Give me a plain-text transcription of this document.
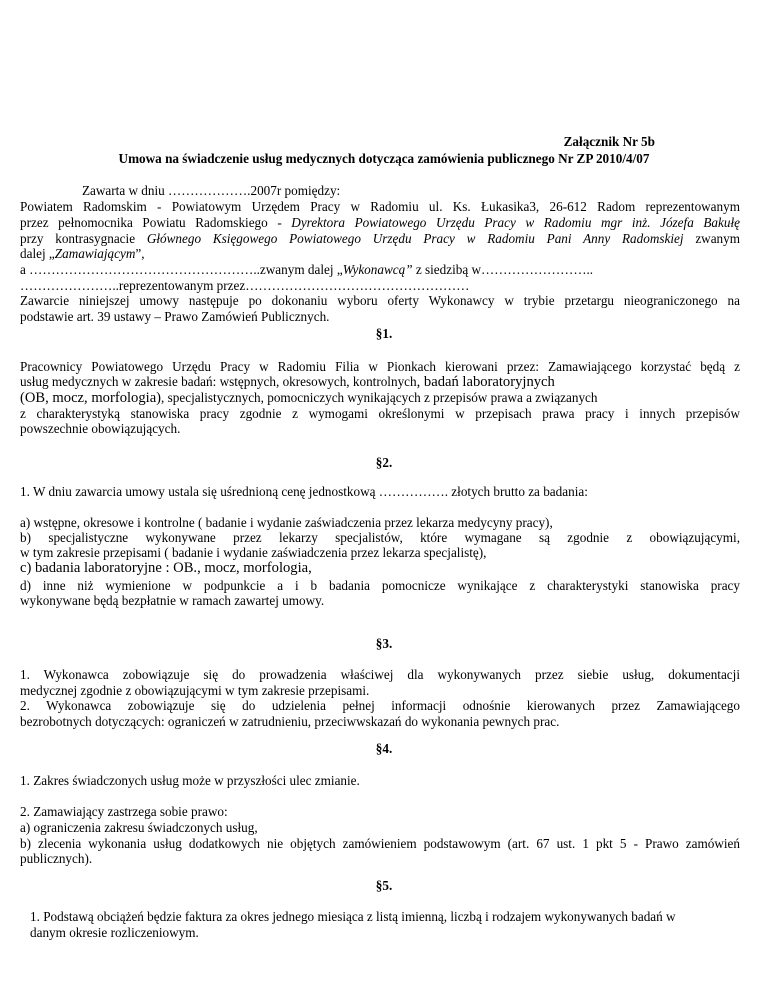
Załącznik Nr 5b
Umowa na świadczenie usług medycznych dotycząca zamówienia publicznego Nr ZP 2010/4/07
Zawarta w dniu ……………….2007r pomiędzy:
Powiatem Radomskim - Powiatowym Urzędem Pracy w Radomiu ul. Ks. Łukasika3, 26-612 Radom reprezentowanym
przez pełnomocnika Powiatu Radomskiego - Dyrektora Powiatowego Urzędu Pracy w Radomiu mgr inż. Józefa Bakułę
przy kontrasygnacie Głównego Księgowego Powiatowego Urzędu Pracy w Radomiu Pani Anny Radomskiej zwanym
dalej „Zamawiającym”,
a ……………………………………………..zwanym dalej „Wykonawcą” z siedzibą w……………………..
…………………..reprezentowanym przez……………………………………………
Zawarcie niniejszej umowy następuje po dokonaniu wyboru oferty Wykonawcy w trybie przetargu nieograniczonego na
podstawie art. 39 ustawy – Prawo Zamówień Publicznych.
§1.
Pracownicy Powiatowego Urzędu Pracy w Radomiu Filia w Pionkach kierowani przez: Zamawiającego korzystać będą z
usług medycznych w zakresie badań: wstępnych, okresowych, kontrolnych, badań laboratoryjnych
(OB, mocz, morfologia), specjalistycznych, pomocniczych wynikających z przepisów prawa a związanych
z charakterystyką stanowiska pracy zgodnie z wymogami określonymi w przepisach prawa pracy i innych przepisów
powszechnie obowiązujących.
§2.
1. W dniu zawarcia umowy ustala się uśrednioną cenę jednostkową ……………. złotych brutto za badania:
a) wstępne, okresowe i kontrolne ( badanie i wydanie zaświadczenia przez lekarza medycyny pracy),
b) specjalistyczne wykonywane przez lekarzy specjalistów, które wymagane są zgodnie z obowiązującymi,
w tym zakresie przepisami ( badanie i wydanie zaświadczenia przez lekarza specjalistę),
c) badania laboratoryjne : OB., mocz, morfologia,
d) inne niż wymienione w podpunkcie a i b badania pomocnicze wynikające z charakterystyki stanowiska pracy
wykonywane będą bezpłatnie w ramach zawartej umowy.
§3.
1. Wykonawca zobowiązuje się do prowadzenia właściwej dla wykonywanych przez siebie usług, dokumentacji
medycznej zgodnie z obowiązującymi w tym zakresie przepisami.
2. Wykonawca zobowiązuje się do udzielenia pełnej informacji odnośnie kierowanych przez Zamawiającego
bezrobotnych dotyczących: ograniczeń w zatrudnieniu, przeciwwskazań do wykonania pewnych prac.
§4.
1. Zakres świadczonych usług może w przyszłości ulec zmianie.
2. Zamawiający zastrzega sobie prawo:
a) ograniczenia zakresu świadczonych usług,
b) zlecenia wykonania usług dodatkowych nie objętych zamówieniem podstawowym (art. 67 ust. 1 pkt 5 - Prawo zamówień
publicznych).
§5.
1. Podstawą obciążeń będzie faktura za okres jednego miesiąca z listą imienną, liczbą i rodzajem wykonywanych badań w
danym okresie rozliczeniowym.
